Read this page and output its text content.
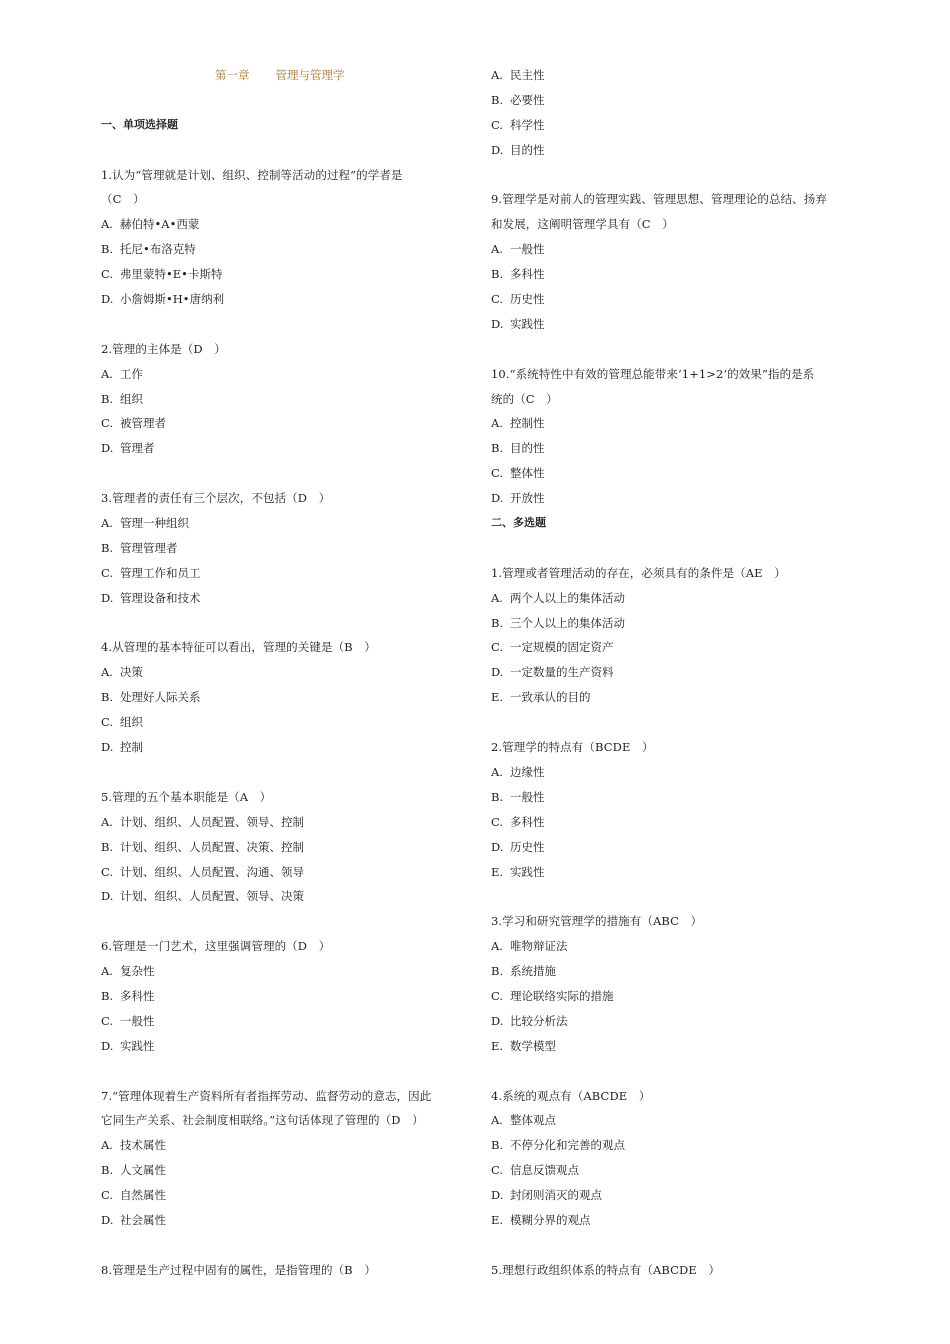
第一章 管理与管理学
一、单项选择题
1.认为“管理就是计划、组织、控制等活动的过程”的学者是
（C　）
A. 赫伯特•A•西蒙
B. 托尼•布洛克特
C. 弗里蒙特•E•卡斯特
D. 小詹姆斯•H•唐纳利
2.管理的主体是（D　）
A. 工作
B. 组织
C. 被管理者
D. 管理者
3.管理者的责任有三个层次，不包括（D　）
A. 管理一种组织
B. 管理管理者
C. 管理工作和员工
D. 管理设备和技术
4.从管理的基本特征可以看出，管理的关键是（B　）
A. 决策
B. 处理好人际关系
C. 组织
D. 控制
5.管理的五个基本职能是（A　）
A. 计划、组织、人员配置、领导、控制
B. 计划、组织、人员配置、决策、控制
C. 计划、组织、人员配置、沟通、领导
D. 计划、组织、人员配置、领导、决策
6.管理是一门艺术，这里强调管理的（D　）
A. 复杂性
B. 多科性
C. 一般性
D. 实践性
7.“管理体现着生产资料所有者指挥劳动、监督劳动的意志，因此
它同生产关系、社会制度相联络。”这句话体现了管理的（D　）
A. 技术属性
B. 人文属性
C. 自然属性
D. 社会属性
8.管理是生产过程中固有的属性，是指管理的（B　）
A. 民主性
B. 必要性
C. 科学性
D. 目的性
9.管理学是对前人的管理实践、管理思想、管理理论的总结、扬弃
和发展，这阐明管理学具有（C　）
A. 一般性
B. 多科性
C. 历史性
D. 实践性
10.“系统特性中有效的管理总能带来‘1+1>2’的效果”指的是系
统的（C　）
A. 控制性
B. 目的性
C. 整体性
D. 开放性
二、多选题
1.管理或者管理活动的存在，必须具有的条件是（AE　）
A. 两个人以上的集体活动
B. 三个人以上的集体活动
C. 一定规模的固定资产
D. 一定数量的生产资料
E. 一致承认的目的
2.管理学的特点有（BCDE　）
A. 边缘性
B. 一般性
C. 多科性
D. 历史性
E. 实践性
3.学习和研究管理学的措施有（ABC　）
A. 唯物辩证法
B. 系统措施
C. 理论联络实际的措施
D. 比较分析法
E. 数学模型
4.系统的观点有（ABCDE　）
A. 整体观点
B. 不停分化和完善的观点
C. 信息反馈观点
D. 封闭则消灭的观点
E. 模糊分界的观点
5.理想行政组织体系的特点有（ABCDE　）
